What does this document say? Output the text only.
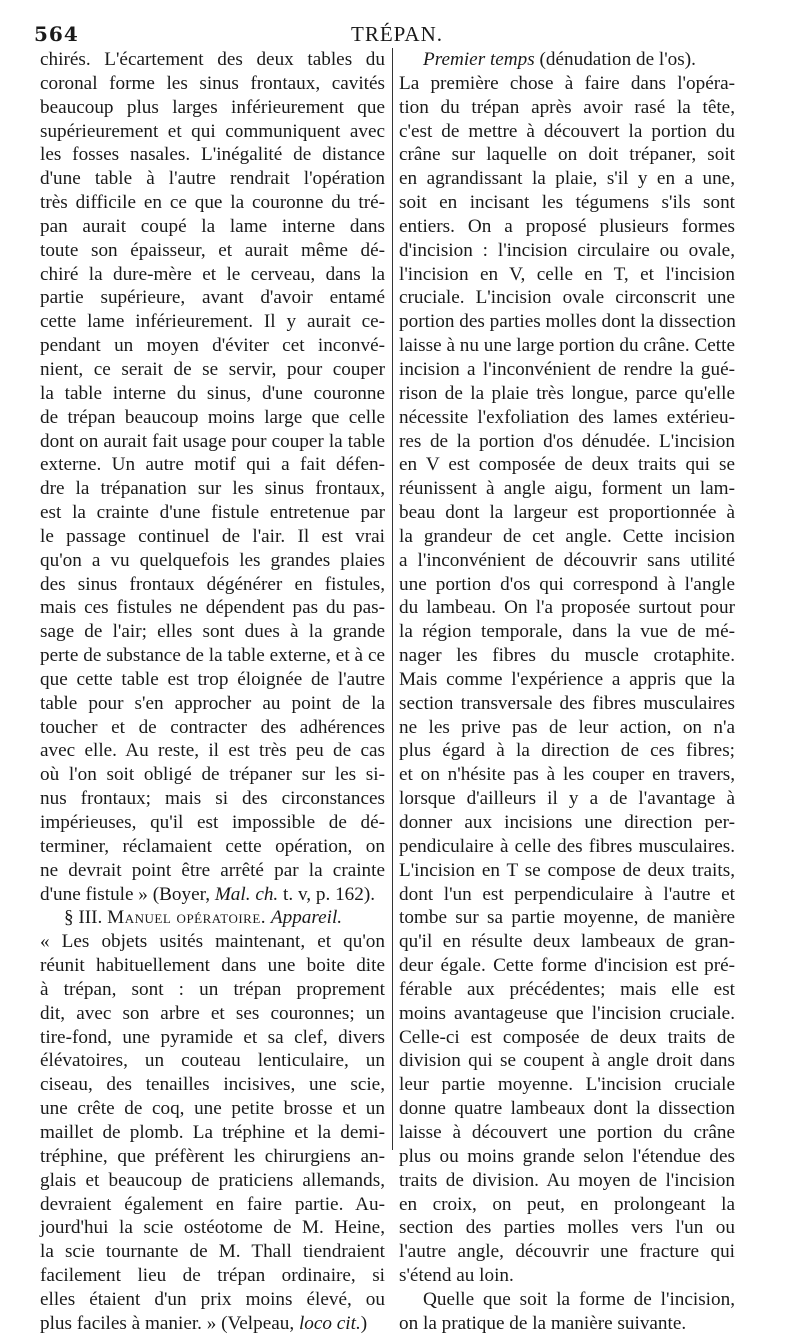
564	TRÉPAN.
chirés. L'écartement des deux tables du
coronal forme les sinus frontaux, cavités
beaucoup plus larges inférieurement que
supérieurement et qui communiquent avec
les fosses nasales. L'inégalité de distance
d'une table à l'autre rendrait l'opération
très difficile en ce que la couronne du tré-
pan aurait coupé la lame interne dans
toute son épaisseur, et aurait même dé-
chiré la dure-mère et le cerveau, dans la
partie supérieure, avant d'avoir entamé
cette lame inférieurement. Il y aurait ce-
pendant un moyen d'éviter cet inconvé-
nient, ce serait de se servir, pour couper
la table interne du sinus, d'une couronne
de trépan beaucoup moins large que celle
dont on aurait fait usage pour couper la table
externe. Un autre motif qui a fait défen-
dre la trépanation sur les sinus frontaux,
est la crainte d'une fistule entretenue par
le passage continuel de l'air. Il est vrai
qu'on a vu quelquefois les grandes plaies
des sinus frontaux dégénérer en fistules,
mais ces fistules ne dépendent pas du pas-
sage de l'air; elles sont dues à la grande
perte de substance de la table externe, et à ce
que cette table est trop éloignée de l'autre
table pour s'en approcher au point de la
toucher et de contracter des adhérences
avec elle. Au reste, il est très peu de cas
où l'on soit obligé de trépaner sur les si-
nus frontaux; mais si des circonstances
impérieuses, qu'il est impossible de dé-
terminer, réclamaient cette opération, on
ne devrait point être arrêté par la crainte
d'une fistule » (Boyer, Mal. ch. t. v, p. 162).
§ III. Manuel opératoire. Appareil.
« Les objets usités maintenant, et qu'on
réunit habituellement dans une boite dite
à trépan, sont : un trépan proprement
dit, avec son arbre et ses couronnes; un
tire-fond, une pyramide et sa clef, divers
élévatoires, un couteau lenticulaire, un
ciseau, des tenailles incisives, une scie,
une crête de coq, une petite brosse et un
maillet de plomb. La tréphine et la demi-
tréphine, que préfèrent les chirurgiens an-
glais et beaucoup de praticiens allemands,
devraient également en faire partie. Au-
jourd'hui la scie ostéotome de M. Heine,
la scie tournante de M. Thall tiendraient
facilement lieu de trépan ordinaire, si
elles étaient d'un prix moins élevé, ou
plus faciles à manier. » (Velpeau, loco cit.)
Premier temps (dénudation de l'os).
La première chose à faire dans l'opéra-
tion du trépan après avoir rasé la tête,
c'est de mettre à découvert la portion du
crâne sur laquelle on doit trépaner, soit
en agrandissant la plaie, s'il y en a une,
soit en incisant les tégumens s'ils sont
entiers. On a proposé plusieurs formes
d'incision : l'incision circulaire ou ovale,
l'incision en V, celle en T, et l'incision
cruciale. L'incision ovale circonscrit une
portion des parties molles dont la dissection
laisse à nu une large portion du crâne. Cette
incision a l'inconvénient de rendre la gué-
rison de la plaie très longue, parce qu'elle
nécessite l'exfoliation des lames extérieu-
res de la portion d'os dénudée. L'incision
en V est composée de deux traits qui se
réunissent à angle aigu, forment un lam-
beau dont la largeur est proportionnée à
la grandeur de cet angle. Cette incision
a l'inconvénient de découvrir sans utilité
une portion d'os qui correspond à l'angle
du lambeau. On l'a proposée surtout pour
la région temporale, dans la vue de mé-
nager les fibres du muscle crotaphite.
Mais comme l'expérience a appris que la
section transversale des fibres musculaires
ne les prive pas de leur action, on n'a
plus égard à la direction de ces fibres;
et on n'hésite pas à les couper en travers,
lorsque d'ailleurs il y a de l'avantage à
donner aux incisions une direction per-
pendiculaire à celle des fibres musculaires.
L'incision en T se compose de deux traits,
dont l'un est perpendiculaire à l'autre et
tombe sur sa partie moyenne, de manière
qu'il en résulte deux lambeaux de gran-
deur égale. Cette forme d'incision est pré-
férable aux précédentes; mais elle est
moins avantageuse que l'incision cruciale.
Celle-ci est composée de deux traits de
division qui se coupent à angle droit dans
leur partie moyenne. L'incision cruciale
donne quatre lambeaux dont la dissection
laisse à découvert une portion du crâne
plus ou moins grande selon l'étendue des
traits de division. Au moyen de l'incision
en croix, on peut, en prolongeant la
section des parties molles vers l'un ou
l'autre angle, découvrir une fracture qui
s'étend au loin.
Quelle que soit la forme de l'incision,
on la pratique de la manière suivante.
